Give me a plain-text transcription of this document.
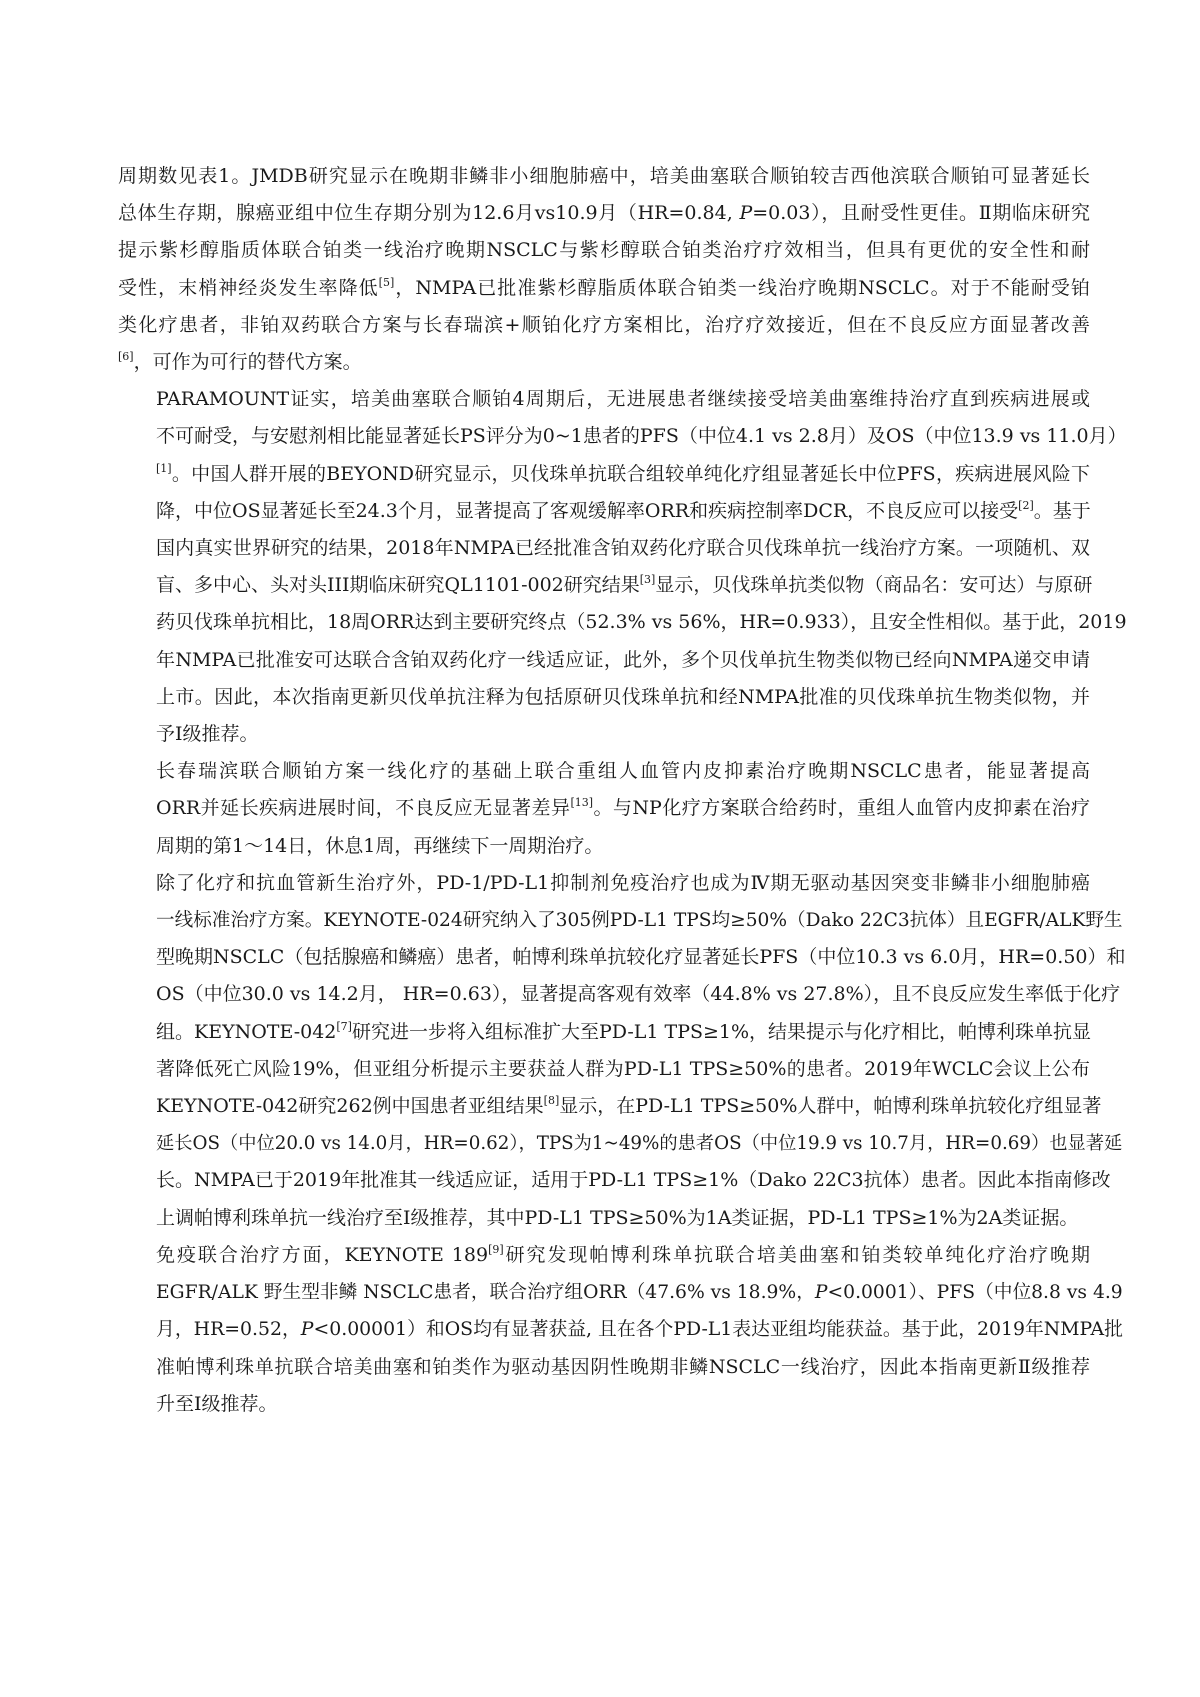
周期数见表1。JMDB研究显示在晚期非鳞非小细胞肺癌中，培美曲塞联合顺铂较吉西他滨联合顺铂可显著延长
总体生存期，腺癌亚组中位生存期分别为12.6月vs10.9月（HR=0.84, P=0.03），且耐受性更佳。Ⅱ期临床研究
提示紫杉醇脂质体联合铂类一线治疗晚期NSCLC与紫杉醇联合铂类治疗疗效相当，但具有更优的安全性和耐
受性，末梢神经炎发生率降低[5]，NMPA已批准紫杉醇脂质体联合铂类一线治疗晚期NSCLC。对于不能耐受铂
类化疗患者，非铂双药联合方案与长春瑞滨+顺铂化疗方案相比，治疗疗效接近，但在不良反应方面显著改善
[6]，可作为可行的替代方案。
PARAMOUNT证实，培美曲塞联合顺铂4周期后，无进展患者继续接受培美曲塞维持治疗直到疾病进展或
不可耐受，与安慰剂相比能显著延长PS评分为0~1患者的PFS（中位4.1 vs 2.8月）及OS（中位13.9 vs 11.0月）
[1]。中国人群开展的BEYOND研究显示，贝伐珠单抗联合组较单纯化疗组显著延长中位PFS，疾病进展风险下
降，中位OS显著延长至24.3个月，显著提高了客观缓解率ORR和疾病控制率DCR，不良反应可以接受[2]。基于
国内真实世界研究的结果，2018年NMPA已经批准含铂双药化疗联合贝伐珠单抗一线治疗方案。一项随机、双
盲、多中心、头对头III期临床研究QL1101-002研究结果[3]显示，贝伐珠单抗类似物（商品名：安可达）与原研
药贝伐珠单抗相比，18周ORR达到主要研究终点（52.3% vs 56%，HR=0.933），且安全性相似。基于此，2019
年NMPA已批准安可达联合含铂双药化疗一线适应证，此外，多个贝伐单抗生物类似物已经向NMPA递交申请
上市。因此，本次指南更新贝伐单抗注释为包括原研贝伐珠单抗和经NMPA批准的贝伐珠单抗生物类似物，并
予Ⅰ级推荐。
长春瑞滨联合顺铂方案一线化疗的基础上联合重组人血管内皮抑素治疗晚期NSCLC患者，能显著提高
ORR并延长疾病进展时间，不良反应无显著差异[13]。与NP化疗方案联合给药时，重组人血管内皮抑素在治疗
周期的第1～14日，休息1周，再继续下一周期治疗。
除了化疗和抗血管新生治疗外，PD-1/PD-L1抑制剂免疫治疗也成为Ⅳ期无驱动基因突变非鳞非小细胞肺癌
一线标准治疗方案。KEYNOTE-024研究纳入了305例PD-L1 TPS均≥50%（Dako 22C3抗体）且EGFR/ALK野生
型晚期NSCLC（包括腺癌和鳞癌）患者，帕博利珠单抗较化疗显著延长PFS（中位10.3 vs 6.0月，HR=0.50）和
OS（中位30.0 vs 14.2月， HR=0.63），显著提高客观有效率（44.8% vs 27.8%），且不良反应发生率低于化疗
组。KEYNOTE-042[7]研究进一步将入组标准扩大至PD-L1 TPS≥1%，结果提示与化疗相比，帕博利珠单抗显
著降低死亡风险19%，但亚组分析提示主要获益人群为PD-L1 TPS≥50%的患者。2019年WCLC会议上公布
KEYNOTE-042研究262例中国患者亚组结果[8]显示，在PD-L1 TPS≥50%人群中，帕博利珠单抗较化疗组显著
延长OS（中位20.0 vs 14.0月，HR=0.62），TPS为1~49%的患者OS（中位19.9 vs 10.7月，HR=0.69）也显著延
长。NMPA已于2019年批准其一线适应证，适用于PD-L1 TPS≥1%（Dako 22C3抗体）患者。因此本指南修改
上调帕博利珠单抗一线治疗至Ⅰ级推荐，其中PD-L1 TPS≥50%为1A类证据，PD-L1 TPS≥1%为2A类证据。
免疫联合治疗方面，KEYNOTE 189[9]研究发现帕博利珠单抗联合培美曲塞和铂类较单纯化疗治疗晚期
EGFR/ALK 野生型非鳞 NSCLC患者，联合治疗组ORR（47.6% vs 18.9%，P<0.0001）、PFS（中位8.8 vs 4.9
月，HR=0.52，P<0.00001）和OS均有显著获益, 且在各个PD-L1表达亚组均能获益。基于此，2019年NMPA批
准帕博利珠单抗联合培美曲塞和铂类作为驱动基因阴性晚期非鳞NSCLC一线治疗，因此本指南更新Ⅱ级推荐
升至Ⅰ级推荐。
